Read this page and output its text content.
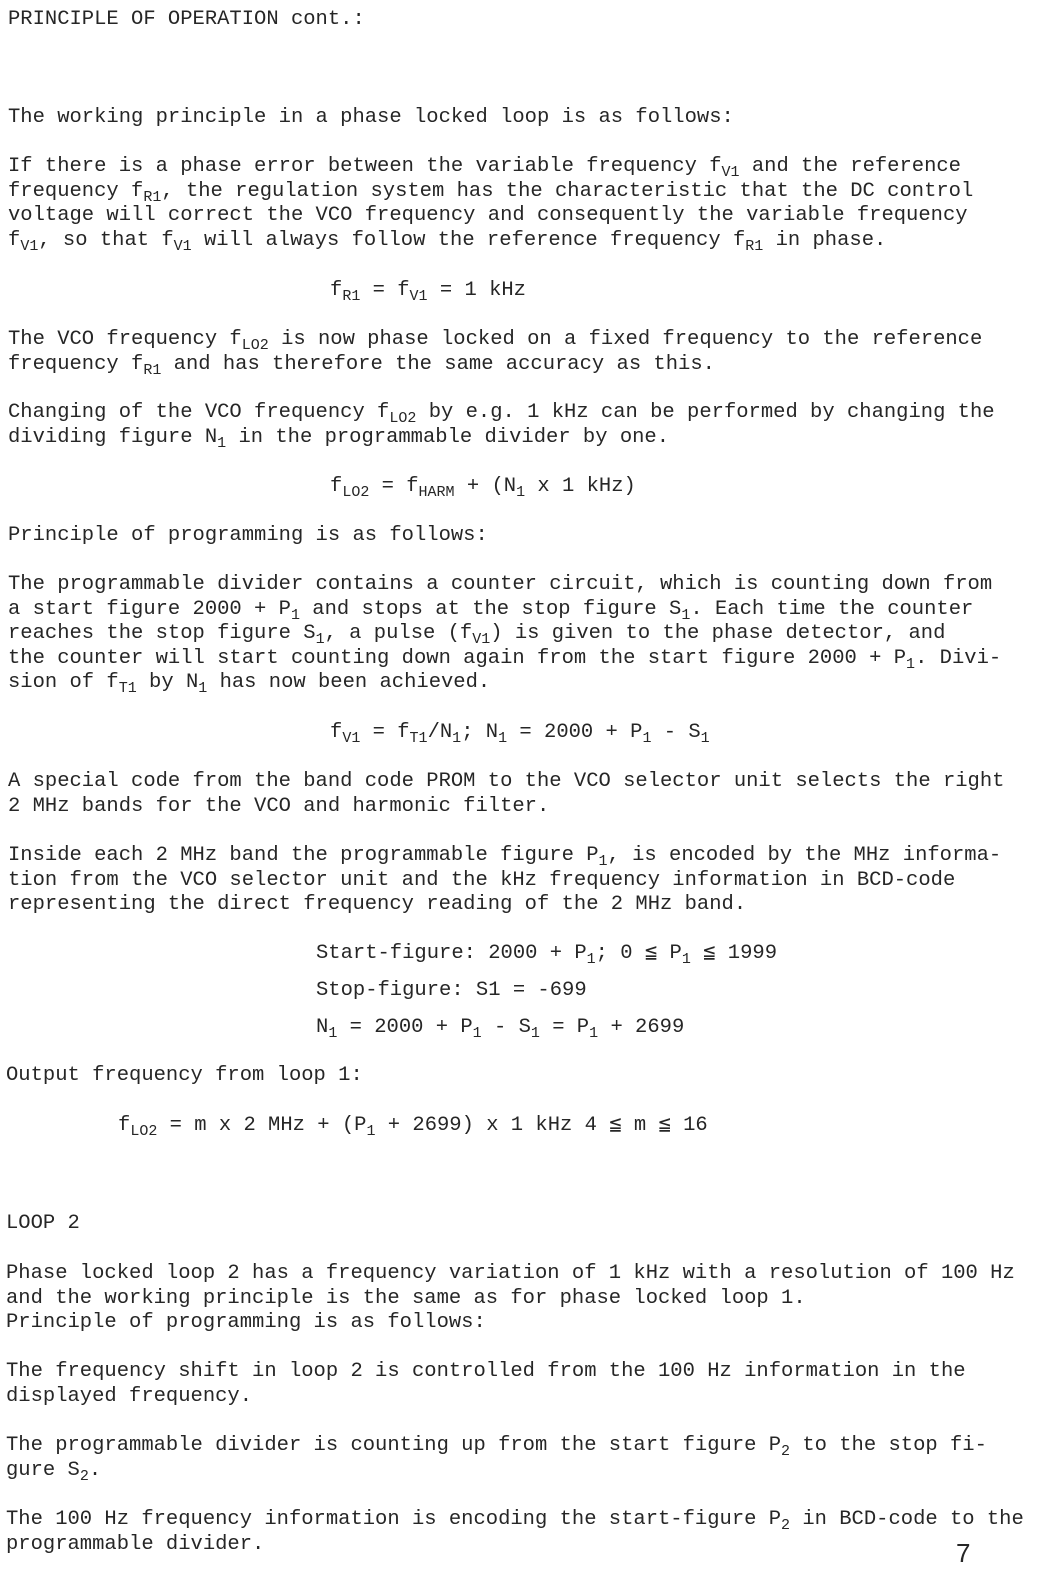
PRINCIPLE OF OPERATION cont.:

The working principle in a phase locked loop is as follows:

If there is a phase error between the variable frequency $f_{V1}$ and the reference
frequency $f_{R1}$, the regulation system has the characteristic that the DC control
voltage will correct the VCO frequency and consequently the variable frequency
$f_{V1}$, so that $f_{V1}$ will always follow the reference frequency $f_{R1}$ in phase.
$f_{R1} = f_{V1} = 1$ kHz
The VCO frequency $f_{LO2}$ is now phase locked on a fixed frequency to the reference
frequency $f_{R1}$ and has therefore the same accuracy as this.
Changing of the VCO frequency $f_{LO2}$ by e.g. 1 kHz can be performed by changing the
dividing figure $N_1$ in the programmable divider by one.
$f_{LO2} = f_{HARM} + (N_1$ x 1 kHz)

Principle of programming is as follows:

The programmable divider contains a counter circuit, which is counting down from
a start figure $2000 + P_1$ and stops at the stop figure $S_1$. Each time the counter
reaches the stop figure $S_1$, a pulse $(f_{V1})$ is given to the phase detector, and
the counter will start counting down again from the start figure $2000 + P_1$. Divi-
sion of $f_{T1}$ by $N_1$ has now been achieved.
$f_{V1} = f_{T1}/N_1$; $N_1 = 2000 + P_1 - S_1$
A special code from the band code PROM to the VCO selector unit selects the right
2 MHz bands for the VCO and harmonic filter.
Inside each 2 MHz band the programmable figure $P_1$, is encoded by the MHz informa-
tion from the VCO selector unit and the kHz frequency information in BCD-code
representing the direct frequency reading of the 2 MHz band.
Start-figure: $2000 + P_1$; 0 ≦ $P_1$ ≦ 1999
Stop-figure: S1 = -699
$N_1 = 2000 + P_1 - S_1 = P_1 + 2699$

Output frequency from loop 1:

$f_{LO2} = m$ x 2 MHz + $(P_1 + 2699)$ x 1 kHz 4 ≦ m ≦ 16

LOOP 2

Phase locked loop 2 has a frequency variation of 1 kHz with a resolution of 100 Hz
and the working principle is the same as for phase locked loop 1.
Principle of programming is as follows:
The frequency shift in loop 2 is controlled from the 100 Hz information in the
displayed frequency.
The programmable divider is counting up from the start figure $P_2$ to the stop fi-
gure $S_2$.
The 100 Hz frequency information is encoding the start-figure $P_2$ in BCD-code to the
programmable divider.	7
